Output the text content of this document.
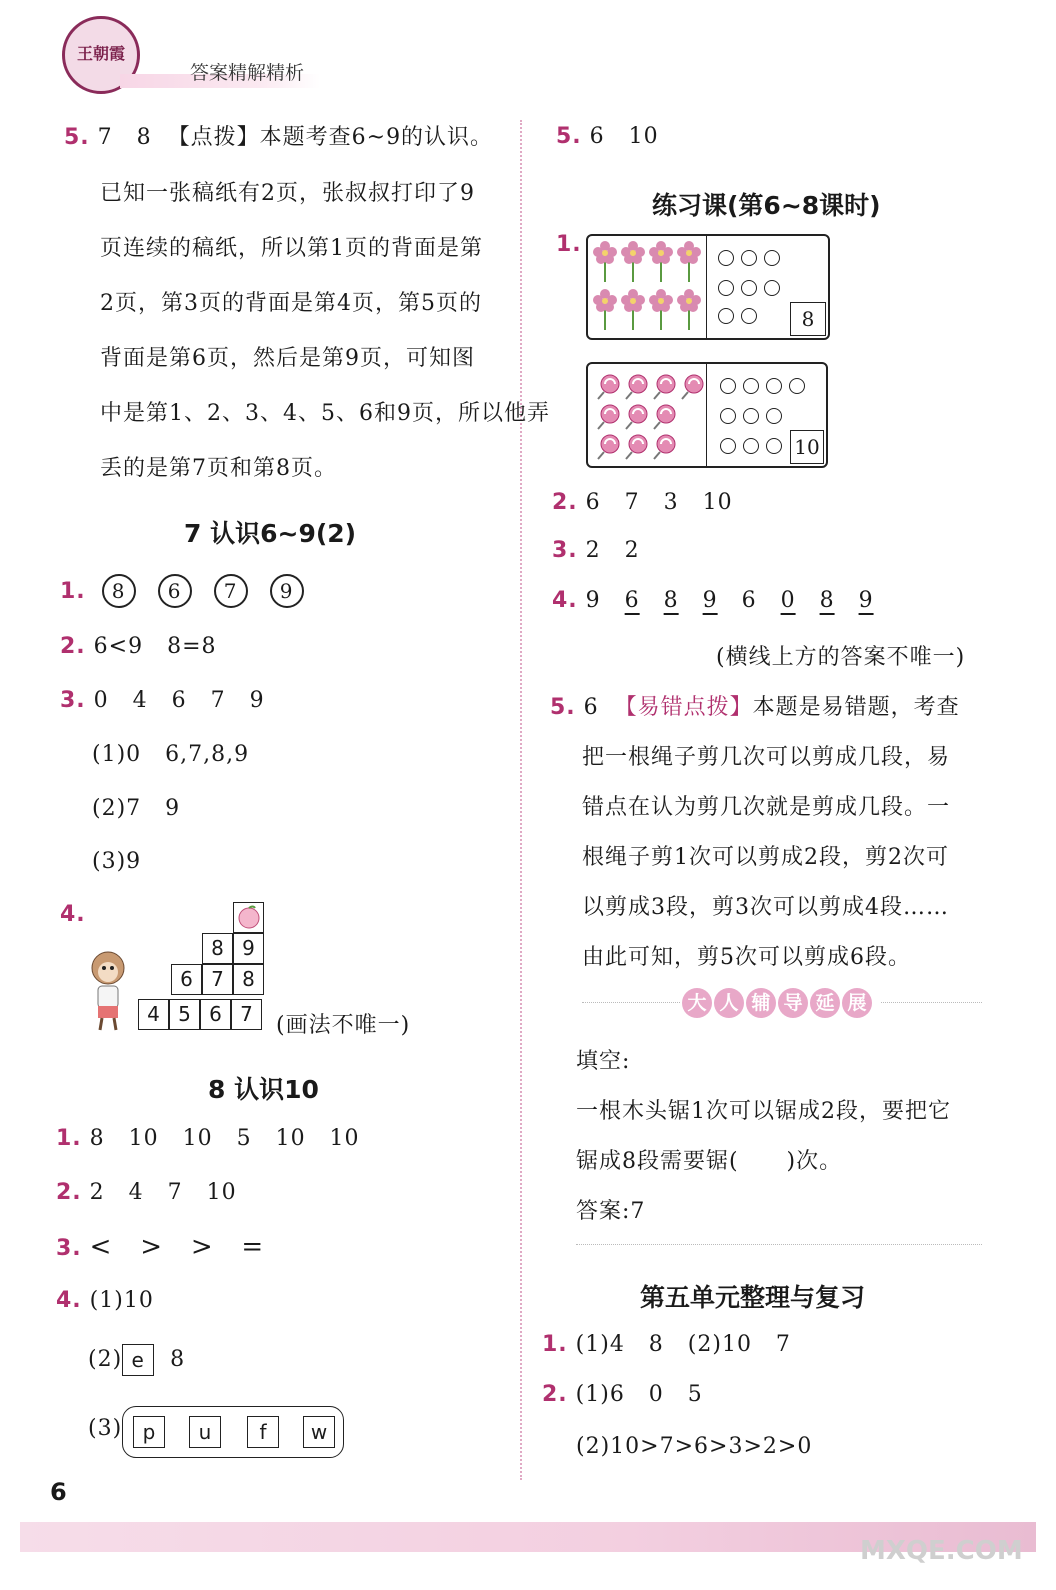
王朝霞
答案精解精析
5. 7   8  【点拨】本题考查6~9的认识。
已知一张稿纸有2页，张叔叔打印了9
页连续的稿纸，所以第1页的背面是第
2页，第3页的背面是第4页，第5页的
背面是第6页，然后是第9页，可知图
中是第1、2、3、4、5、6和9页，所以他弄
丢的是第7页和第8页。
7 认识6~9(2)
1. 8 6 7 9
2. 6<9   8=8
3. 0   4   6   7   9
(1)0   6,7,8,9
(2)7   9
(3)9
4.
8 9
6 7 8
4 5 6 7	(画法不唯一)
8 认识10
1. 8   10   10   5   10   10
2. 2   4   7   10
3. <   >   >   =
4. (1)10
(2) e 8
(3)	p	u	f	w
5. 6   10
练习课(第6~8课时)
1.
8
10
2. 6   7   3   10
3. 2   2
4. 9 6 8 9 6 0 8 9
(横线上方的答案不唯一)
5. 6  【易错点拨】本题是易错题，考查
把一根绳子剪几次可以剪成几段，易
错点在认为剪几次就是剪成几段。一
根绳子剪1次可以剪成2段，剪2次可
以剪成3段，剪3次可以剪成4段……
由此可知，剪5次可以剪成6段。
大 人 辅 导 延 展
填空:
一根木头锯1次可以锯成2段，要把它
锯成8段需要锯(      )次。
答案:7
第五单元整理与复习
1. (1)4   8   (2)10   7
2. (1)6   0   5
(2)10>7>6>3>2>0
6
MXQE.COM
